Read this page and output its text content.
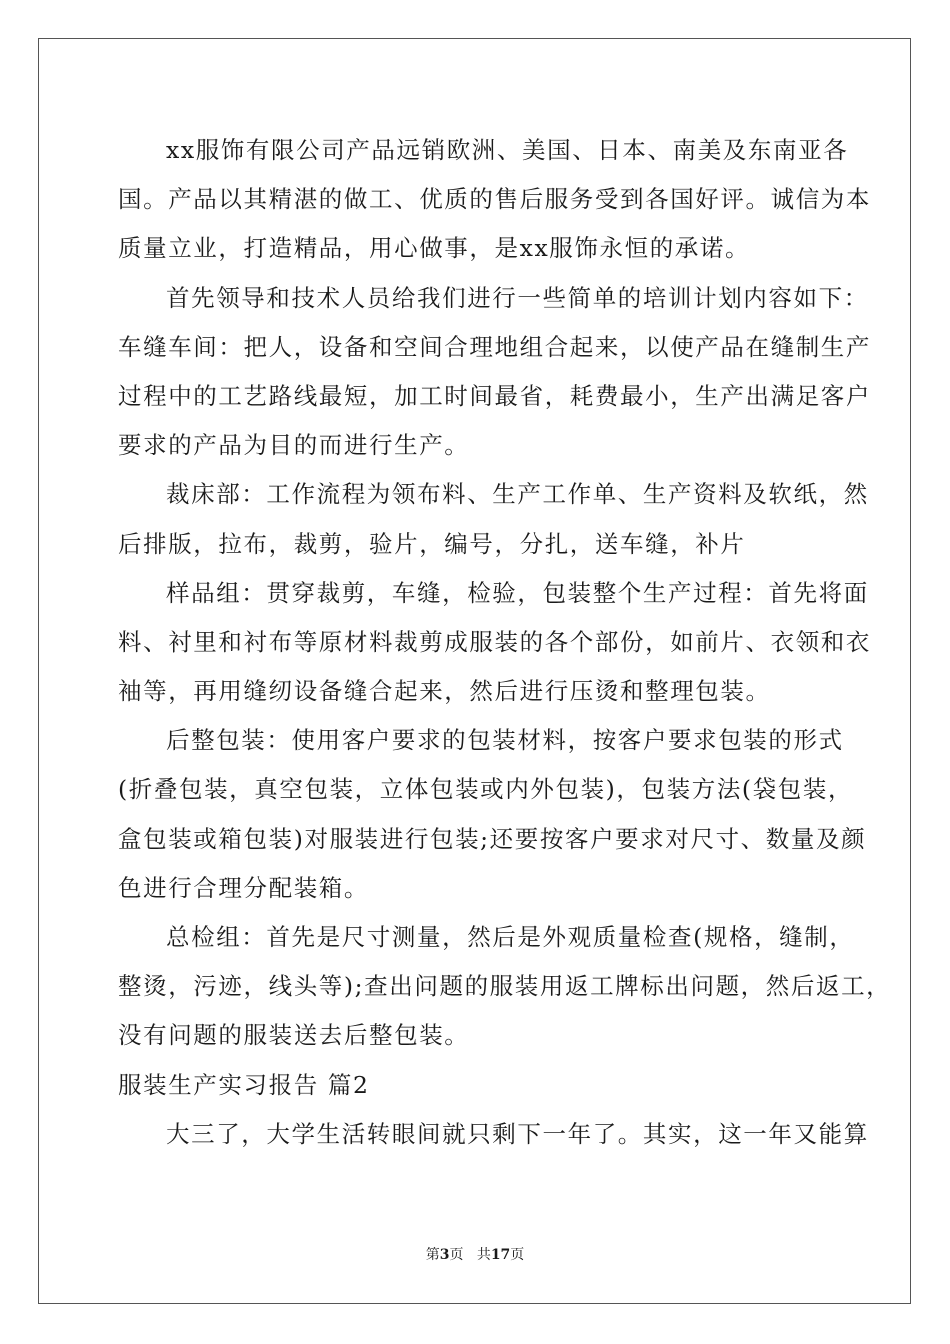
xx服饰有限公司产品远销欧洲、美国、日本、南美及东南亚各
国。产品以其精湛的做工、优质的售后服务受到各国好评。诚信为本
质量立业，打造精品，用心做事，是xx服饰永恒的承诺。
首先领导和技术人员给我们进行一些简单的培训计划内容如下：
车缝车间：把人，设备和空间合理地组合起来，以使产品在缝制生产
过程中的工艺路线最短，加工时间最省，耗费最小，生产出满足客户
要求的产品为目的而进行生产。
裁床部：工作流程为领布料、生产工作单、生产资料及软纸，然
后排版，拉布，裁剪，验片，编号，分扎，送车缝，补片
样品组：贯穿裁剪，车缝，检验，包装整个生产过程：首先将面
料、衬里和衬布等原材料裁剪成服装的各个部份，如前片、衣领和衣
袖等，再用缝纫设备缝合起来，然后进行压烫和整理包装。
后整包装：使用客户要求的包装材料，按客户要求包装的形式
(折叠包装，真空包装，立体包装或内外包装)，包装方法(袋包装，
盒包装或箱包装)对服装进行包装;还要按客户要求对尺寸、数量及颜
色进行合理分配装箱。
总检组：首先是尺寸测量，然后是外观质量检查(规格，缝制，
整烫，污迹，线头等);查出问题的服装用返工牌标出问题，然后返工，
没有问题的服装送去后整包装。
服装生产实习报告 篇2
大三了，大学生活转眼间就只剩下一年了。其实，这一年又能算
第3页 共17页
